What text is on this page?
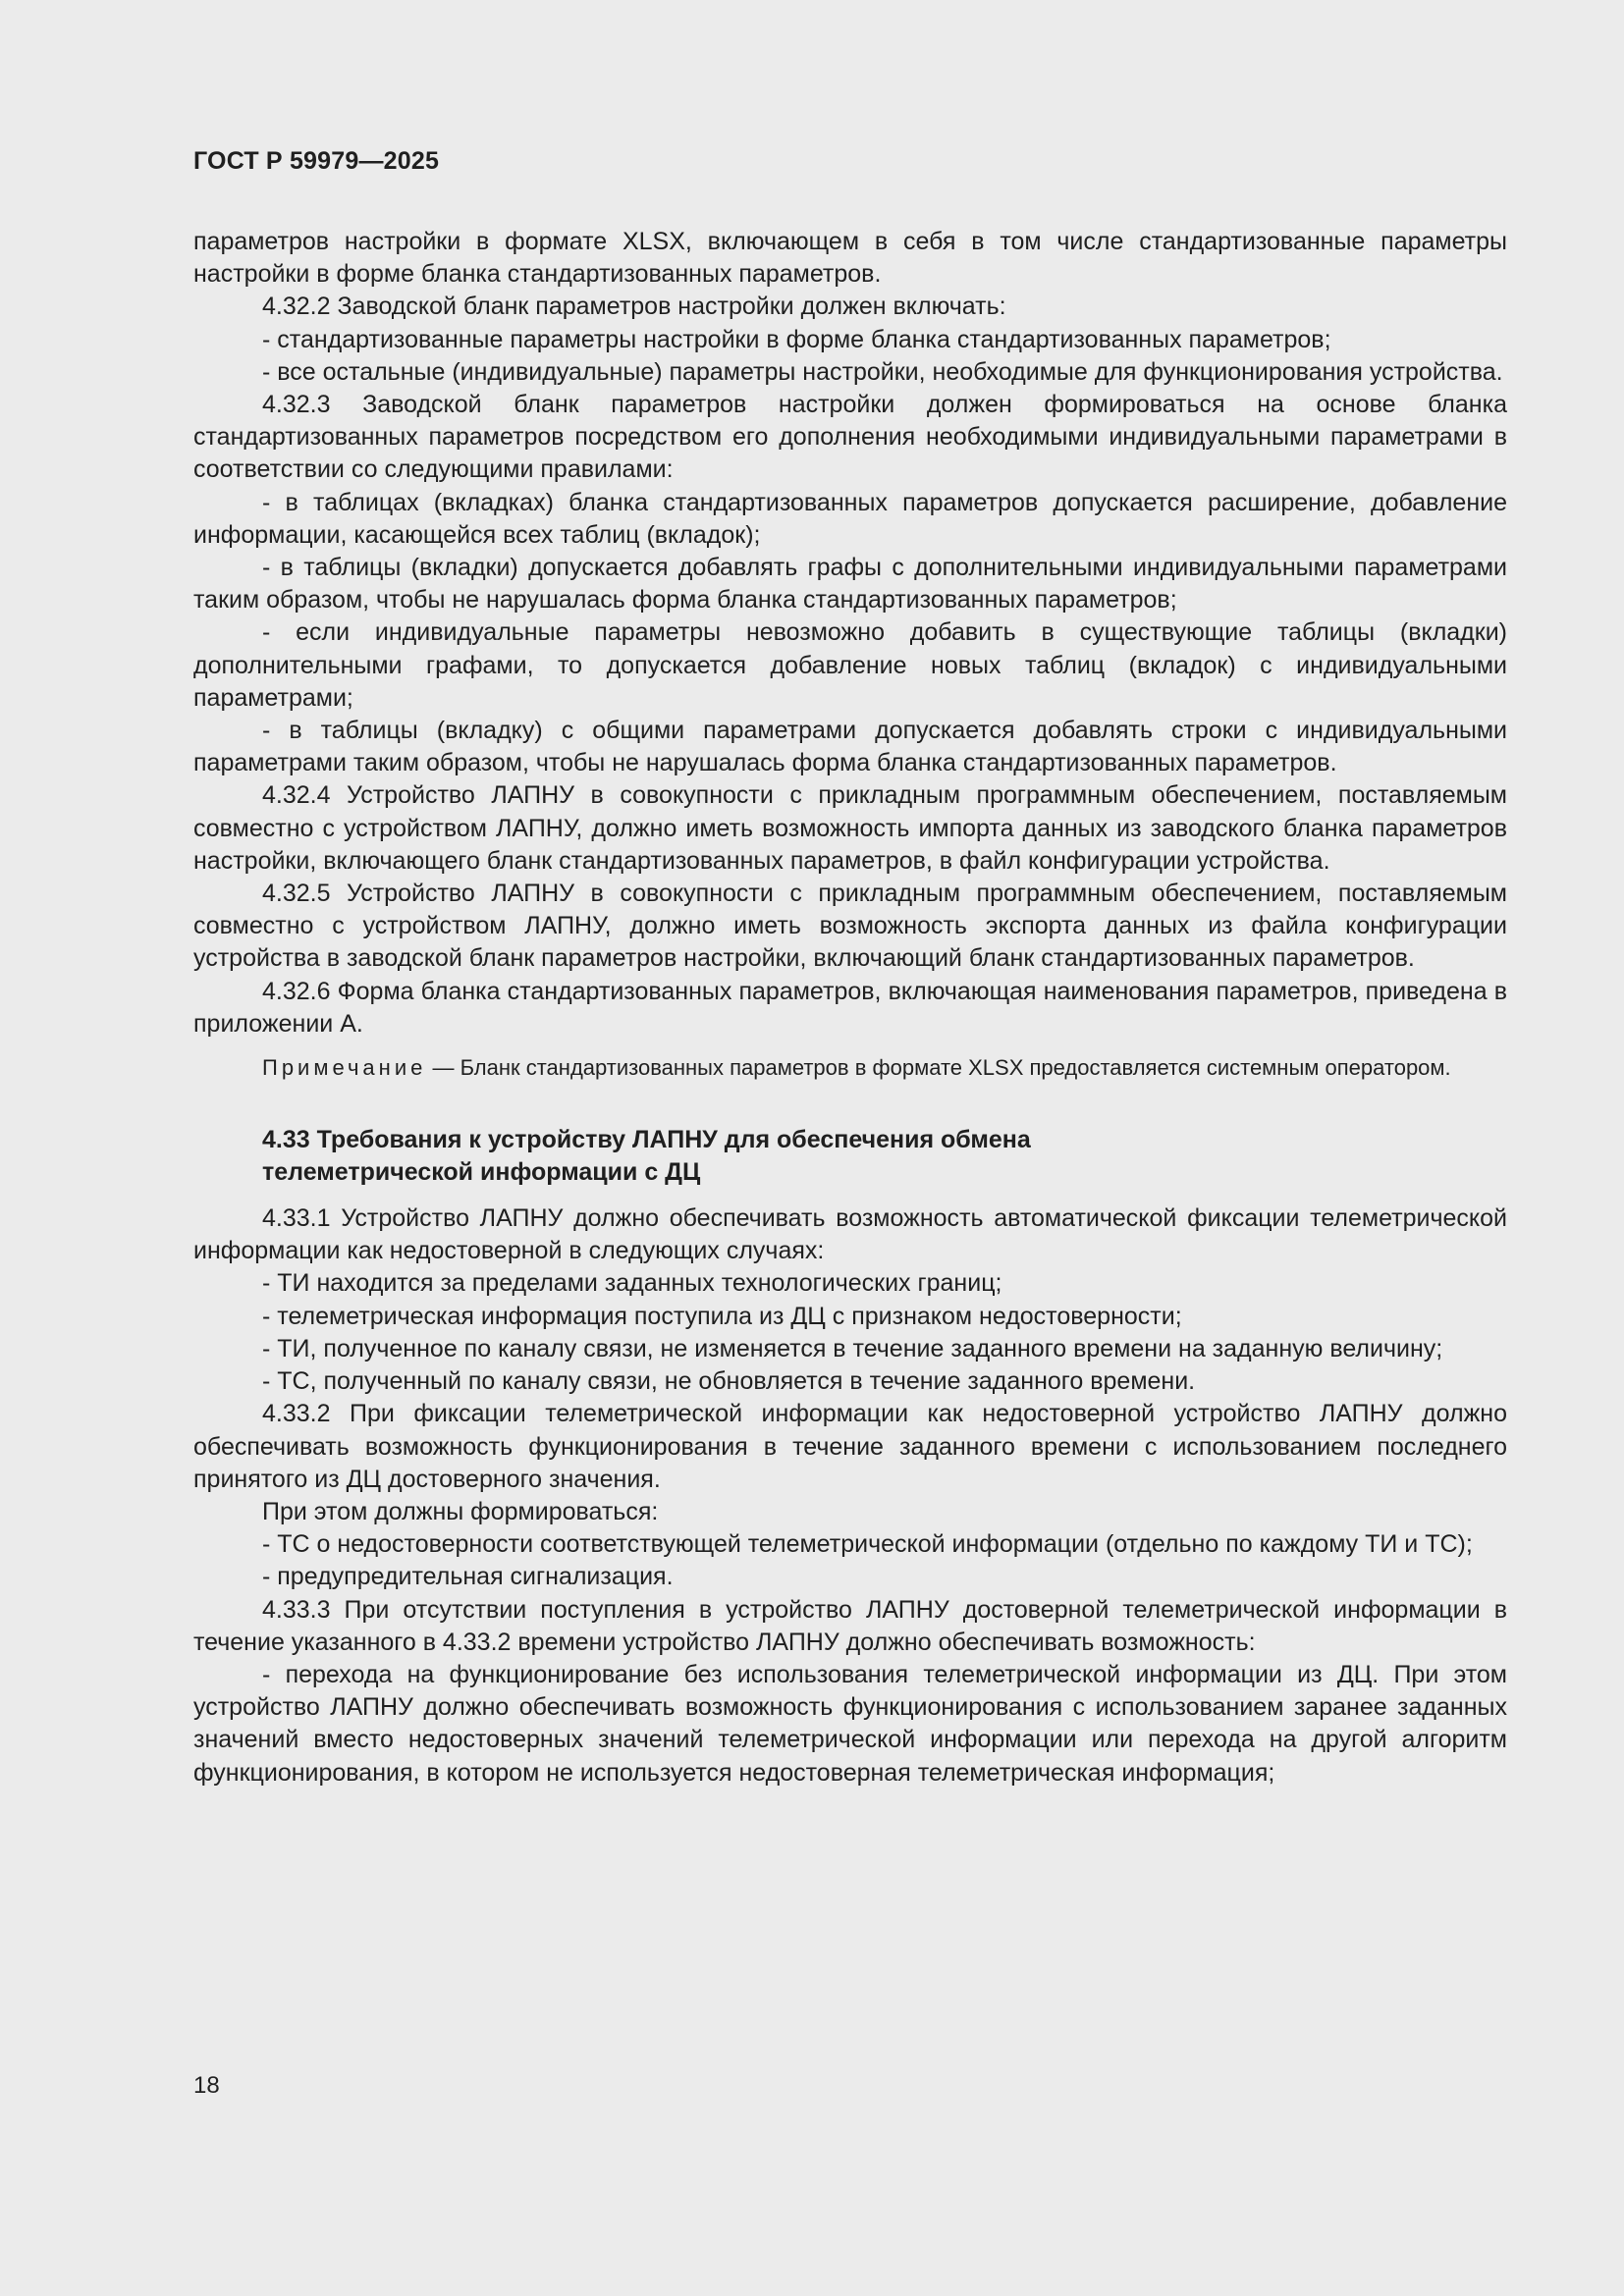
ГОСТ Р 59979—2025

параметров настройки в формате XLSX, включающем в себя в том числе стандартизованные параметры настройки в форме бланка стандартизованных параметров.

4.32.2 Заводской бланк параметров настройки должен включать:

- стандартизованные параметры настройки в форме бланка стандартизованных параметров;

- все остальные (индивидуальные) параметры настройки, необходимые для функционирования устройства.

4.32.3 Заводской бланк параметров настройки должен формироваться на основе бланка стандартизованных параметров посредством его дополнения необходимыми индивидуальными параметрами в соответствии со следующими правилами:

- в таблицах (вкладках) бланка стандартизованных параметров допускается расширение, добавление информации, касающейся всех таблиц (вкладок);

- в таблицы (вкладки) допускается добавлять графы с дополнительными индивидуальными параметрами таким образом, чтобы не нарушалась форма бланка стандартизованных параметров;

- если индивидуальные параметры невозможно добавить в существующие таблицы (вкладки) дополнительными графами, то допускается добавление новых таблиц (вкладок) с индивидуальными параметрами;

- в таблицы (вкладку) с общими параметрами допускается добавлять строки с индивидуальными параметрами таким образом, чтобы не нарушалась форма бланка стандартизованных параметров.

4.32.4 Устройство ЛАПНУ в совокупности с прикладным программным обеспечением, поставляемым совместно с устройством ЛАПНУ, должно иметь возможность импорта данных из заводского бланка параметров настройки, включающего бланк стандартизованных параметров, в файл конфигурации устройства.

4.32.5 Устройство ЛАПНУ в совокупности с прикладным программным обеспечением, поставляемым совместно с устройством ЛАПНУ, должно иметь возможность экспорта данных из файла конфигурации устройства в заводской бланк параметров настройки, включающий бланк стандартизованных параметров.

4.32.6 Форма бланка стандартизованных параметров, включающая наименования параметров, приведена в приложении А.

Примечание — Бланк стандартизованных параметров в формате XLSX предоставляется системным оператором.

4.33 Требования к устройству ЛАПНУ для обеспечения обмена
телеметрической информации с ДЦ

4.33.1 Устройство ЛАПНУ должно обеспечивать возможность автоматической фиксации телеметрической информации как недостоверной в следующих случаях:

- ТИ находится за пределами заданных технологических границ;

- телеметрическая информация поступила из ДЦ с признаком недостоверности;

- ТИ, полученное по каналу связи, не изменяется в течение заданного времени на заданную величину;

- ТС, полученный по каналу связи, не обновляется в течение заданного времени.

4.33.2 При фиксации телеметрической информации как недостоверной устройство ЛАПНУ должно обеспечивать возможность функционирования в течение заданного времени с использованием последнего принятого из ДЦ достоверного значения.

При этом должны формироваться:

- ТС о недостоверности соответствующей телеметрической информации (отдельно по каждому ТИ и ТС);

- предупредительная сигнализация.

4.33.3 При отсутствии поступления в устройство ЛАПНУ достоверной телеметрической информации в течение указанного в 4.33.2 времени устройство ЛАПНУ должно обеспечивать возможность:

- перехода на функционирование без использования телеметрической информации из ДЦ. При этом устройство ЛАПНУ должно обеспечивать возможность функционирования с использованием заранее заданных значений вместо недостоверных значений телеметрической информации или перехода на другой алгоритм функционирования, в котором не используется недостоверная телеметрическая информация;

18
